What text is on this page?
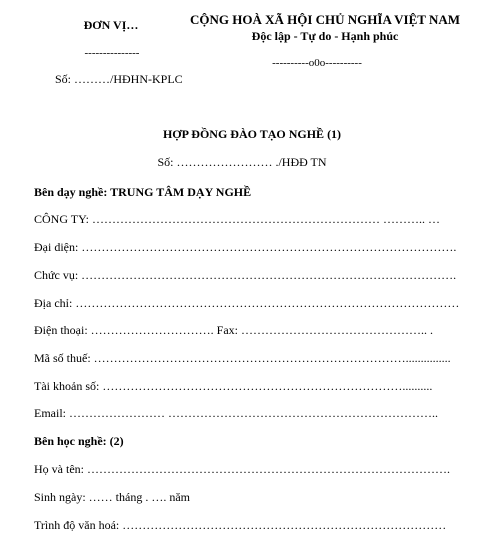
ĐƠN VỊ…
---------------
Số: ………/HĐHN-KPLC
CỘNG HOÀ XÃ HỘI CHỦ NGHĨA VIỆT NAM
Độc lập - Tự do - Hạnh phúc
----------o0o----------
HỢP ĐỒNG ĐÀO TẠO NGHỀ (1)
Số: …………………… ./HĐĐ TN
Bên dạy nghề: TRUNG TÂM DẠY NGHỀ
CÔNG TY: ……………………………………………………………… ……….. …
Đại diện: ………………………………………………………………………………….
Chức vụ: ………………………………………………………………………………….
Địa chỉ: ……………………………………………………………………………………
Điện thoại: …………………………. Fax: ……………………………………….. .
Mã số thuế: ……………………………………………………………………...............
Tài khoản số: …………………………………………………………………..........
Email: …………………… …………………………………………………………..
Bên học nghề: (2)
Họ và tên: ……………………………………………………………………………….
Sinh ngày: …… tháng . …. năm
Trình độ văn hoá: ………………………………………………………………………
